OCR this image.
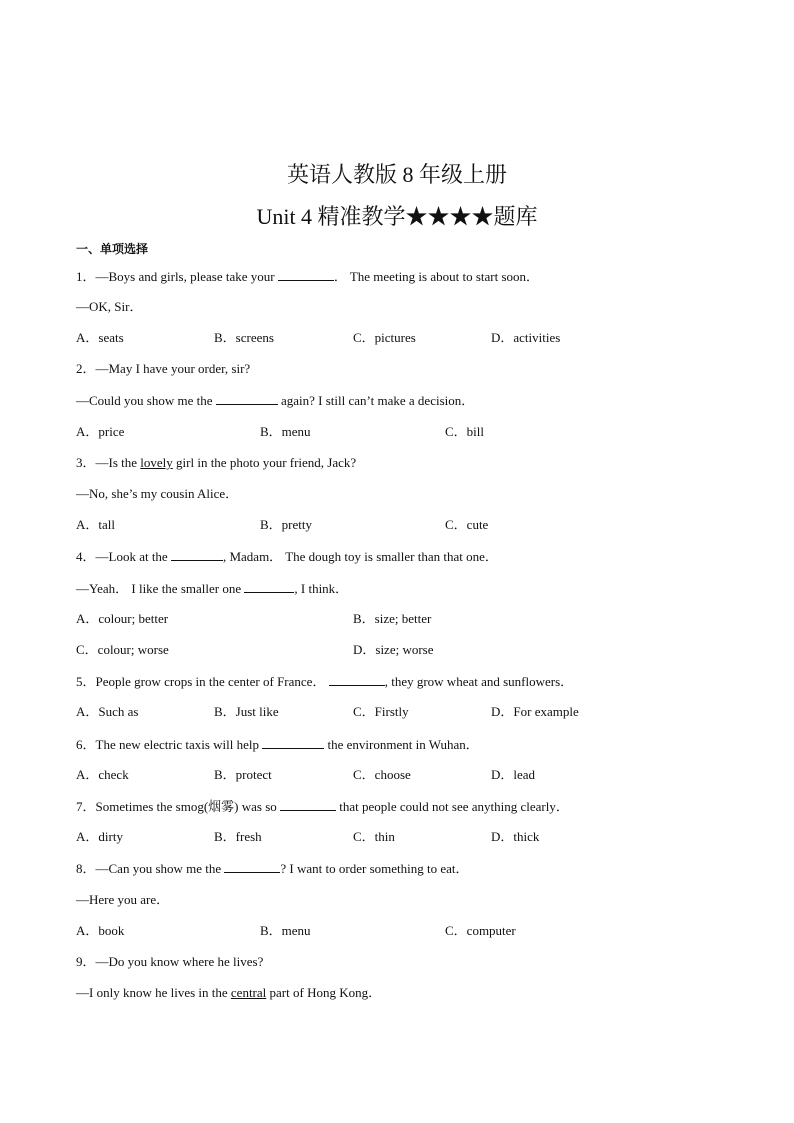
英语人教版 8 年级上册
Unit 4 精准教学★★★★题库
一、单项选择
1．—Boys and girls, please take your	． The meeting is about to start soon．
—OK, Sir．
A．seats	B．screens	C．pictures	D．activities
2．—May I have your order, sir?
—Could you show me the	again? I still can’t make a decision．
A．price	B．menu	C．bill
3．—Is the lovely girl in the photo your friend, Jack?
—No, she’s my cousin Alice．
A．tall	B．pretty	C．cute
4．—Look at the	, Madam． The dough toy is smaller than that one．
—Yeah． I like the smaller one	, I think．
A．colour; better	B．size; better
C．colour; worse	D．size; worse
5．People grow crops in the center of France．	, they grow wheat and sunflowers．
A．Such as	B．Just like	C．Firstly	D．For example
6．The new electric taxis will help	the environment in Wuhan．
A．check	B．protect	C．choose	D．lead
7．Sometimes the smog(烟雾) was so	that people could not see anything clearly．
A．dirty	B．fresh	C．thin	D．thick
8．—Can you show me the	? I want to order something to eat．
—Here you are．
A．book	B．menu	C．computer
9．—Do you know where he lives?
—I only know he lives in the central part of Hong Kong．
